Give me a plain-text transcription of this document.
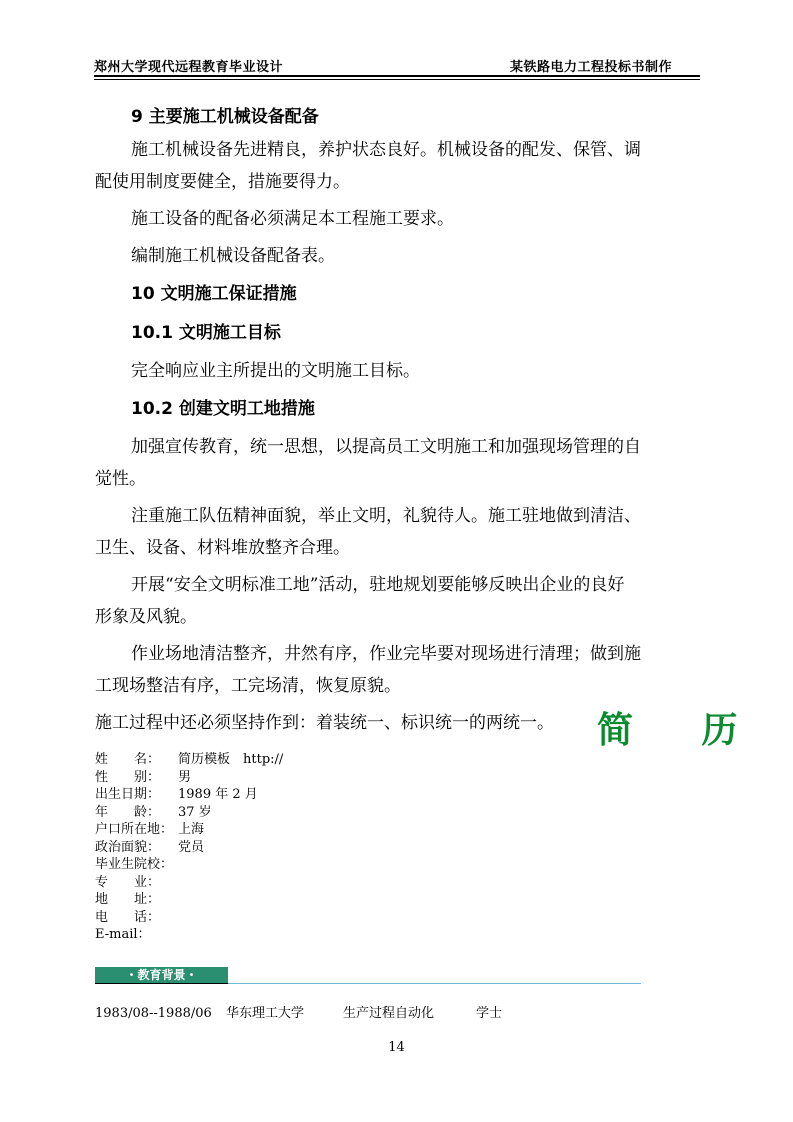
郑州大学现代远程教育毕业设计	某铁路电力工程投标书制作
9 主要施工机械设备配备
施工机械设备先进精良，养护状态良好。机械设备的配发、保管、调
配使用制度要健全，措施要得力。
施工设备的配备必须满足本工程施工要求。
编制施工机械设备配备表。
10 文明施工保证措施
10.1 文明施工目标
完全响应业主所提出的文明施工目标。
10.2 创建文明工地措施
加强宣传教育，统一思想，以提高员工文明施工和加强现场管理的自
觉性。
注重施工队伍精神面貌，举止文明，礼貌待人。施工驻地做到清洁、
卫生、设备、材料堆放整齐合理。
开展“安全文明标准工地”活动，驻地规划要能够反映出企业的良好
形象及风貌。
作业场地清洁整齐，井然有序，作业完毕要对现场进行清理；做到施
工现场整洁有序，工完场清，恢复原貌。
施工过程中还必须坚持作到：着装统一、标识统一的两统一。	简 历
姓　　名： 简历模板　http://
性　　别： 男
出生日期： 1989 年 2 月
年　　龄： 37 岁
户口所在地： 上海
政治面貌： 党员
毕业生院校：
专　　业：
地　　址：
电　　话：
E-mail：
・教育背景・
1983/08--1988/06 华东理工大学	生产过程自动化	学士
14
